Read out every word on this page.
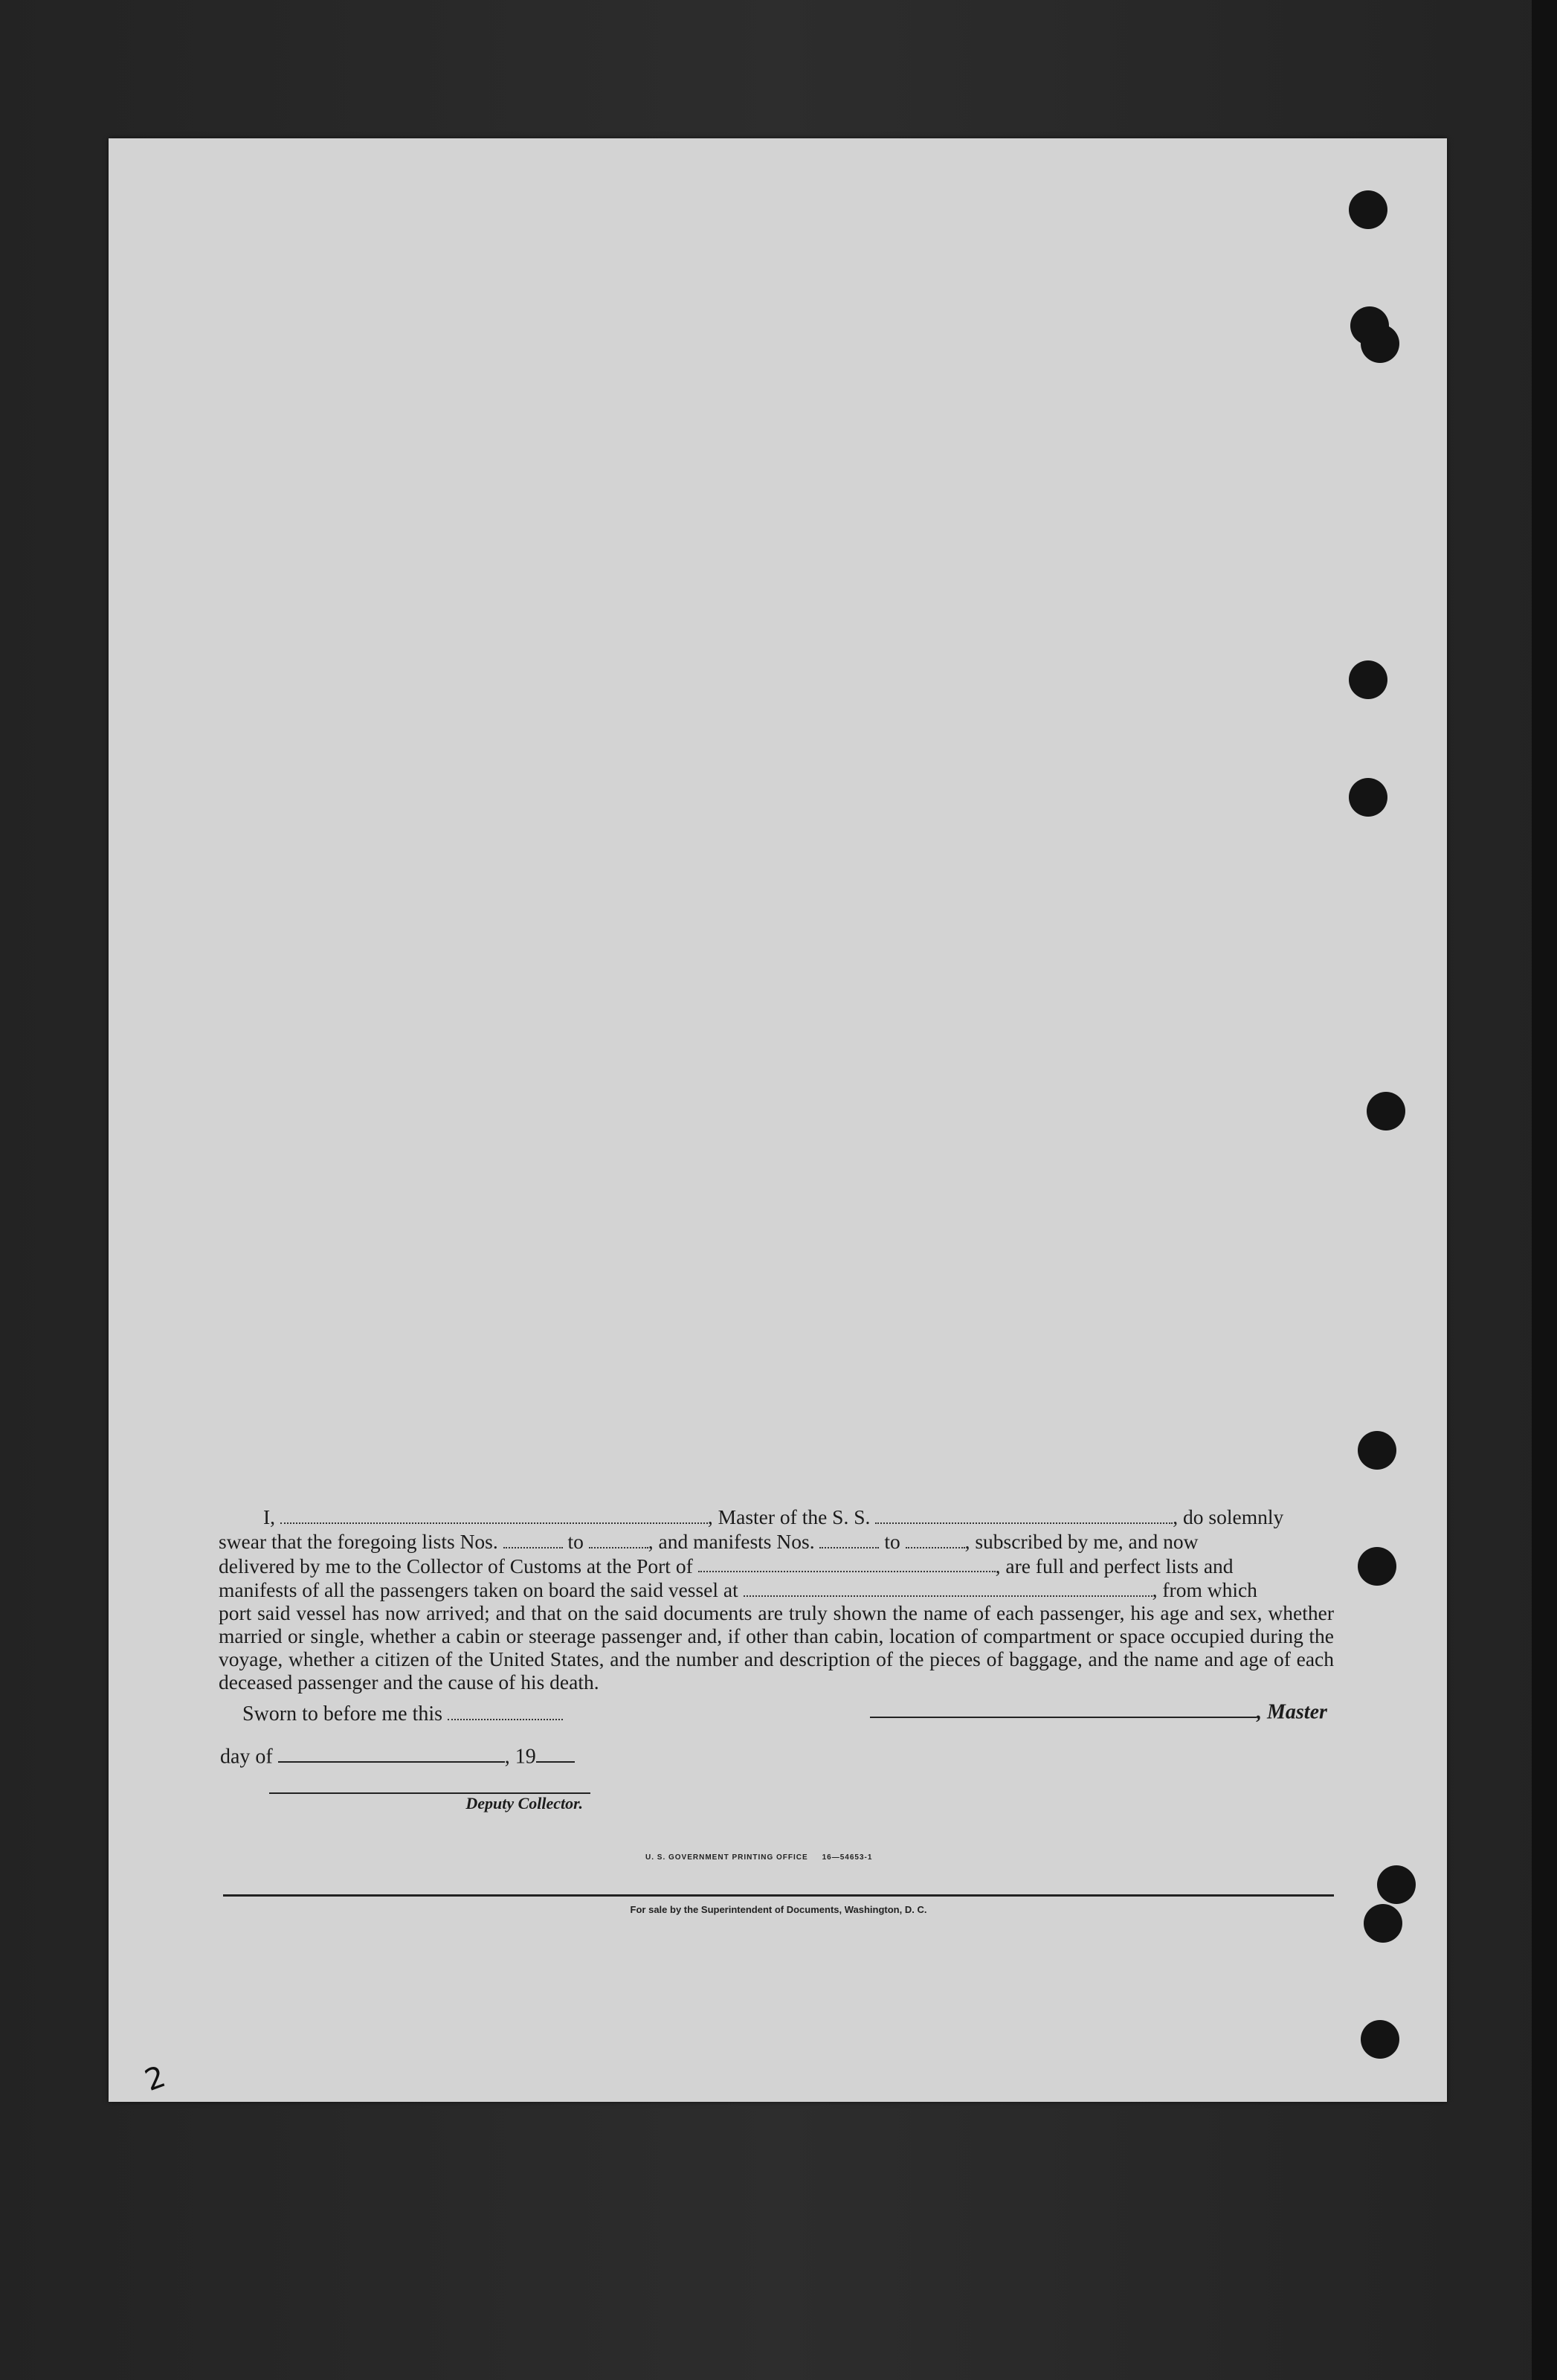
I,	, Master of the S. S.	, do solemnly

swear that the foregoing lists Nos.	to	, and manifests Nos.	to	, subscribed by me, and now

delivered by me to the Collector of Customs at the Port of	, are full and perfect lists and

manifests of all the passengers taken on board the said vessel at	, from which

port said vessel has now arrived; and that on the said documents are truly shown the name of each passenger, his age and sex, whether married or single, whether a cabin or steerage passenger and, if other than cabin, location of compartment or space occupied during the voyage, whether a citizen of the United States, and the number and description of the pieces of baggage, and the name and age of each deceased passenger and the cause of his death.

Sworn to before me this	, Master
day of	, 19
Deputy Collector.
U. S. GOVERNMENT PRINTING OFFICE 16—54653-1
For sale by the Superintendent of Documents, Washington, D. C.
2
